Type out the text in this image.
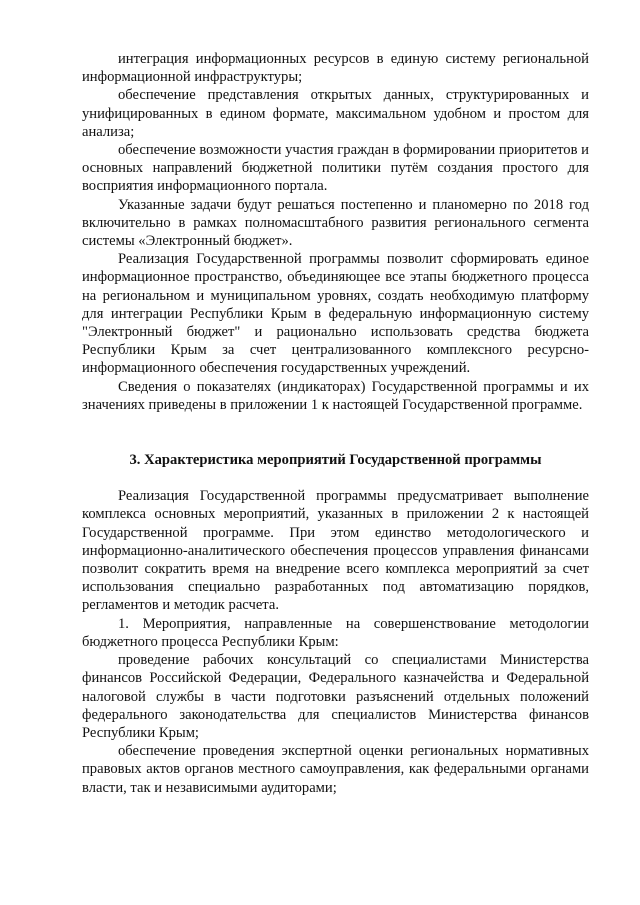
интеграция информационных ресурсов в единую систему региональной информационной инфраструктуры;

обеспечение представления открытых данных, структурированных и унифицированных в едином формате, максимальном удобном и простом для анализа;

обеспечение возможности участия граждан в формировании приоритетов и основных направлений бюджетной политики путём создания простого для восприятия информационного портала.

Указанные задачи будут решаться постепенно и планомерно по 2018 год включительно в рамках полномасштабного развития регионального сегмента системы «Электронный бюджет».

Реализация Государственной программы позволит сформировать единое информационное пространство, объединяющее все этапы бюджетного процесса на региональном и муниципальном уровнях, создать необходимую платформу для интеграции Республики Крым в федеральную информационную систему "Электронный бюджет" и рационально использовать средства бюджета Республики Крым за счет централизованного комплексного ресурсно-информационного обеспечения государственных учреждений.

Сведения о показателях (индикаторах) Государственной программы и их значениях приведены в приложении 1 к настоящей Государственной программе.

3. Характеристика мероприятий Государственной программы

Реализация Государственной программы предусматривает выполнение комплекса основных мероприятий, указанных в приложении 2 к настоящей Государственной программе. При этом единство методологического и информационно-аналитического обеспечения процессов управления финансами позволит сократить время на внедрение всего комплекса мероприятий за счет использования специально разработанных под автоматизацию порядков, регламентов и методик расчета.

1. Мероприятия, направленные на совершенствование методологии бюджетного процесса Республики Крым:

проведение рабочих консультаций со специалистами Министерства финансов Российской Федерации, Федерального казначейства и Федеральной налоговой службы в части подготовки разъяснений отдельных положений федерального законодательства для специалистов Министерства финансов Республики Крым;

обеспечение проведения экспертной оценки региональных нормативных правовых актов органов местного самоуправления, как федеральными органами власти, так и независимыми аудиторами;
